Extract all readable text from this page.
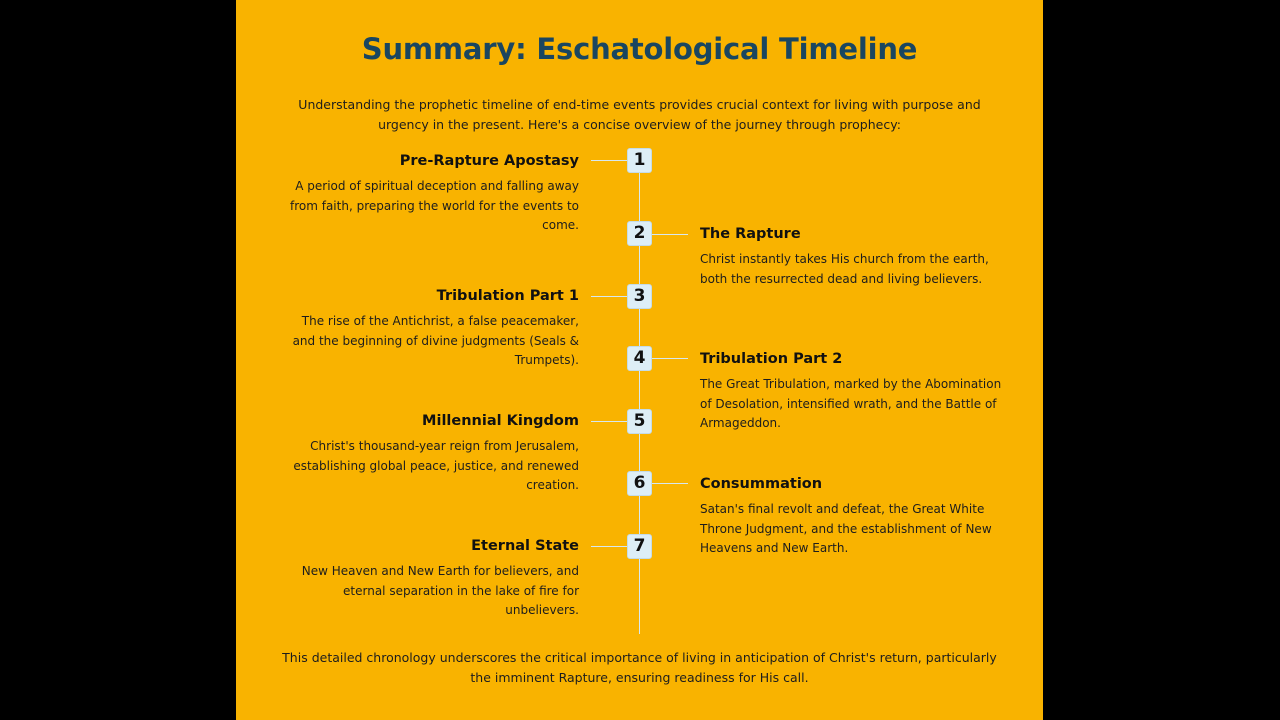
Summary: Eschatological Timeline
Understanding the prophetic timeline of end-time events provides crucial context for living with purpose and urgency in the present. Here's a concise overview of the journey through prophecy:
1
2
3
4
5
6
7
Pre-Rapture Apostasy
A period of spiritual deception and falling away from faith, preparing the world for the events to come.
The Rapture
Christ instantly takes His church from the earth, both the resurrected dead and living believers.
Tribulation Part 1
The rise of the Antichrist, a false peacemaker, and the beginning of divine judgments (Seals & Trumpets).	Tribulation Part 2
The Great Tribulation, marked by the Abomination of Desolation, intensified wrath, and the Battle of Armageddon.
Millennial Kingdom
Christ's thousand-year reign from Jerusalem, establishing global peace, justice, and renewed creation.	Consummation
Satan's final revolt and defeat, the Great White Throne Judgment, and the establishment of New Heavens and New Earth.
Eternal State
New Heaven and New Earth for believers, and eternal separation in the lake of fire for unbelievers.
This detailed chronology underscores the critical importance of living in anticipation of Christ's return, particularly the imminent Rapture, ensuring readiness for His call.
